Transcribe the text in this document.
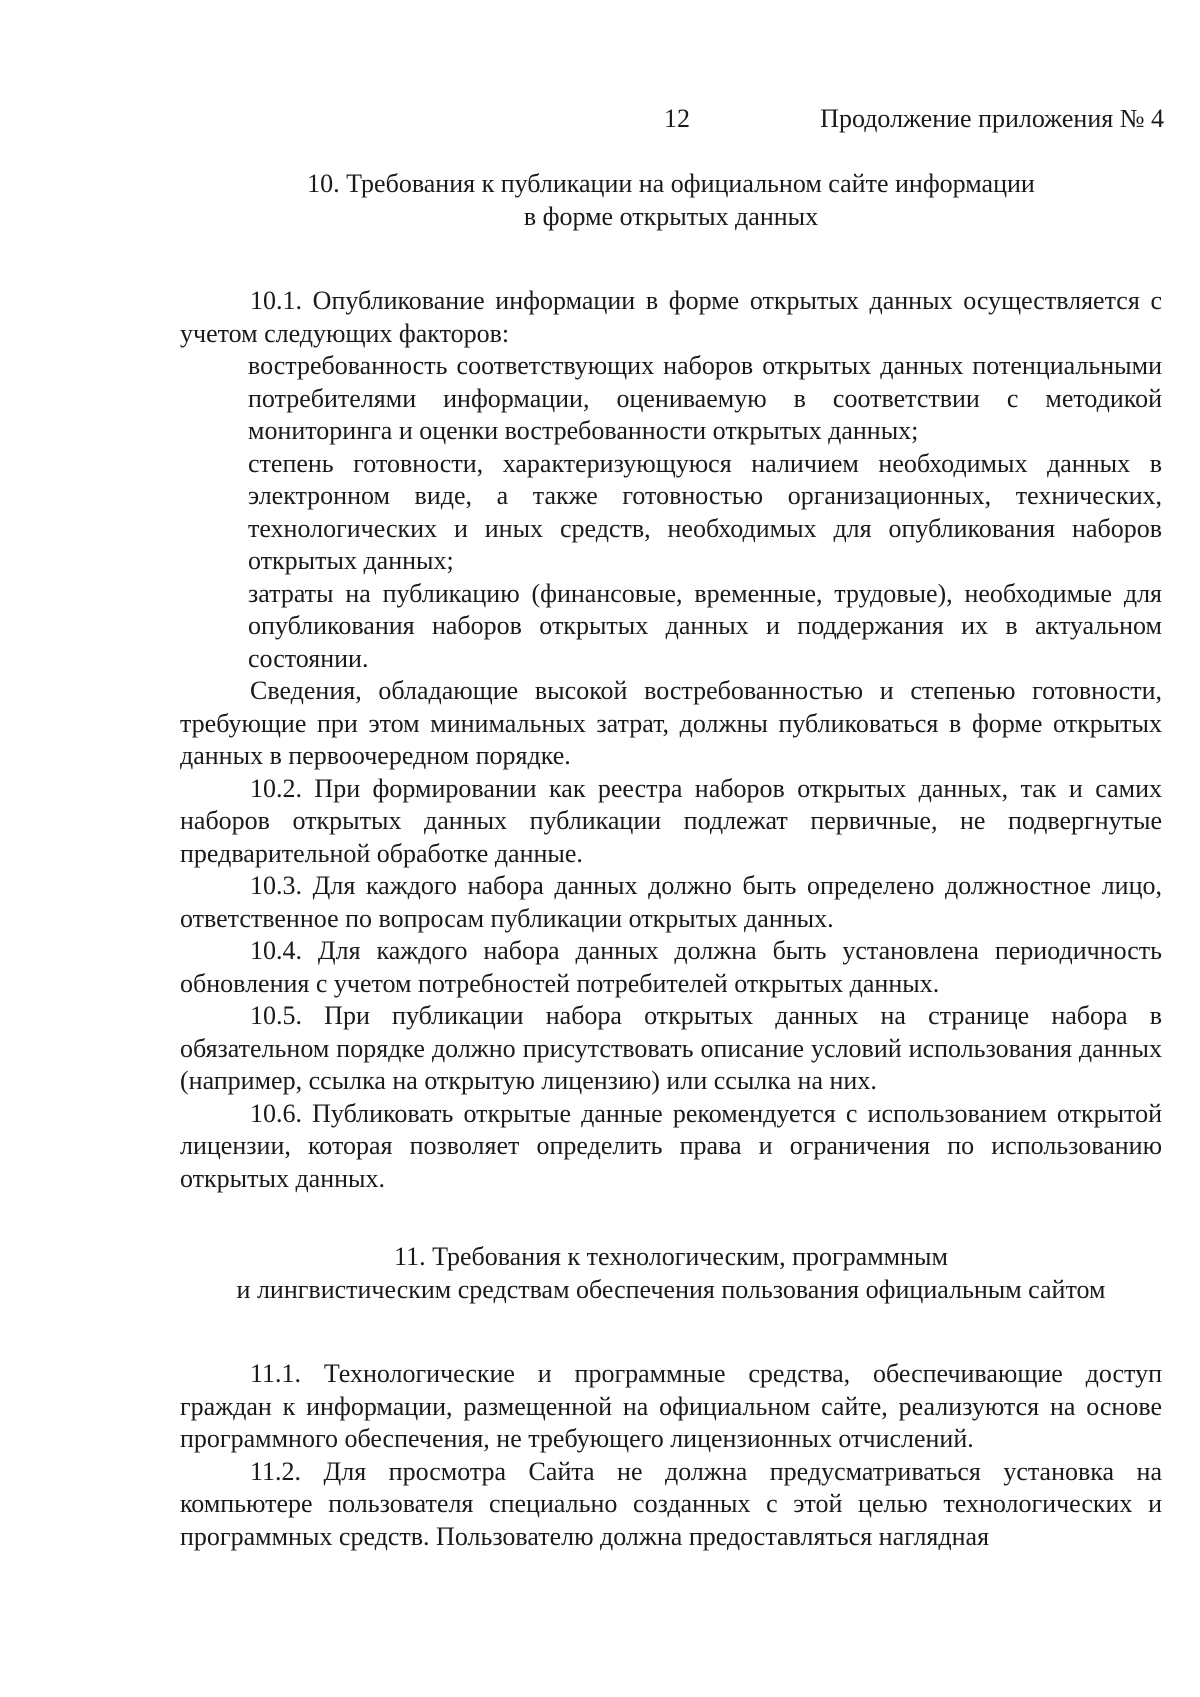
12	Продолжение приложения № 4
10. Требования к публикации на официальном сайте информации
в форме открытых данных

10.1. Опубликование информации в форме открытых данных осуществляется с учетом следующих факторов:

востребованность соответствующих наборов открытых данных потенциальными потребителями информации, оцениваемую в соответствии с методикой мониторинга и оценки востребованности открытых данных;

степень готовности, характеризующуюся наличием необходимых данных в электронном виде, а также готовностью организационных, технических, технологических и иных средств, необходимых для опубликования наборов открытых данных;

затраты на публикацию (финансовые, временные, трудовые), необходимые для опубликования наборов открытых данных и поддержания их в актуальном состоянии.

Сведения, обладающие высокой востребованностью и степенью готовности, требующие при этом минимальных затрат, должны публиковаться в форме открытых данных в первоочередном порядке.

10.2. При формировании как реестра наборов открытых данных, так и самих наборов открытых данных публикации подлежат первичные, не подвергнутые предварительной обработке данные.

10.3. Для каждого набора данных должно быть определено должностное лицо, ответственное по вопросам публикации открытых данных.

10.4. Для каждого набора данных должна быть установлена периодичность обновления с учетом потребностей потребителей открытых данных.

10.5. При публикации набора открытых данных на странице набора в обязательном порядке должно присутствовать описание условий использования данных (например, ссылка на открытую лицензию) или ссылка на них.

10.6. Публиковать открытые данные рекомендуется с использованием открытой лицензии, которая позволяет определить права и ограничения по использованию открытых данных.

11. Требования к технологическим, программным
и лингвистическим средствам обеспечения пользования официальным сайтом

11.1. Технологические и программные средства, обеспечивающие доступ граждан к информации, размещенной на официальном сайте, реализуются на основе программного обеспечения, не требующего лицензионных отчислений.

11.2. Для просмотра Сайта не должна предусматриваться установка на компьютере пользователя специально созданных с этой целью технологических и программных средств. Пользователю должна предоставляться наглядная
